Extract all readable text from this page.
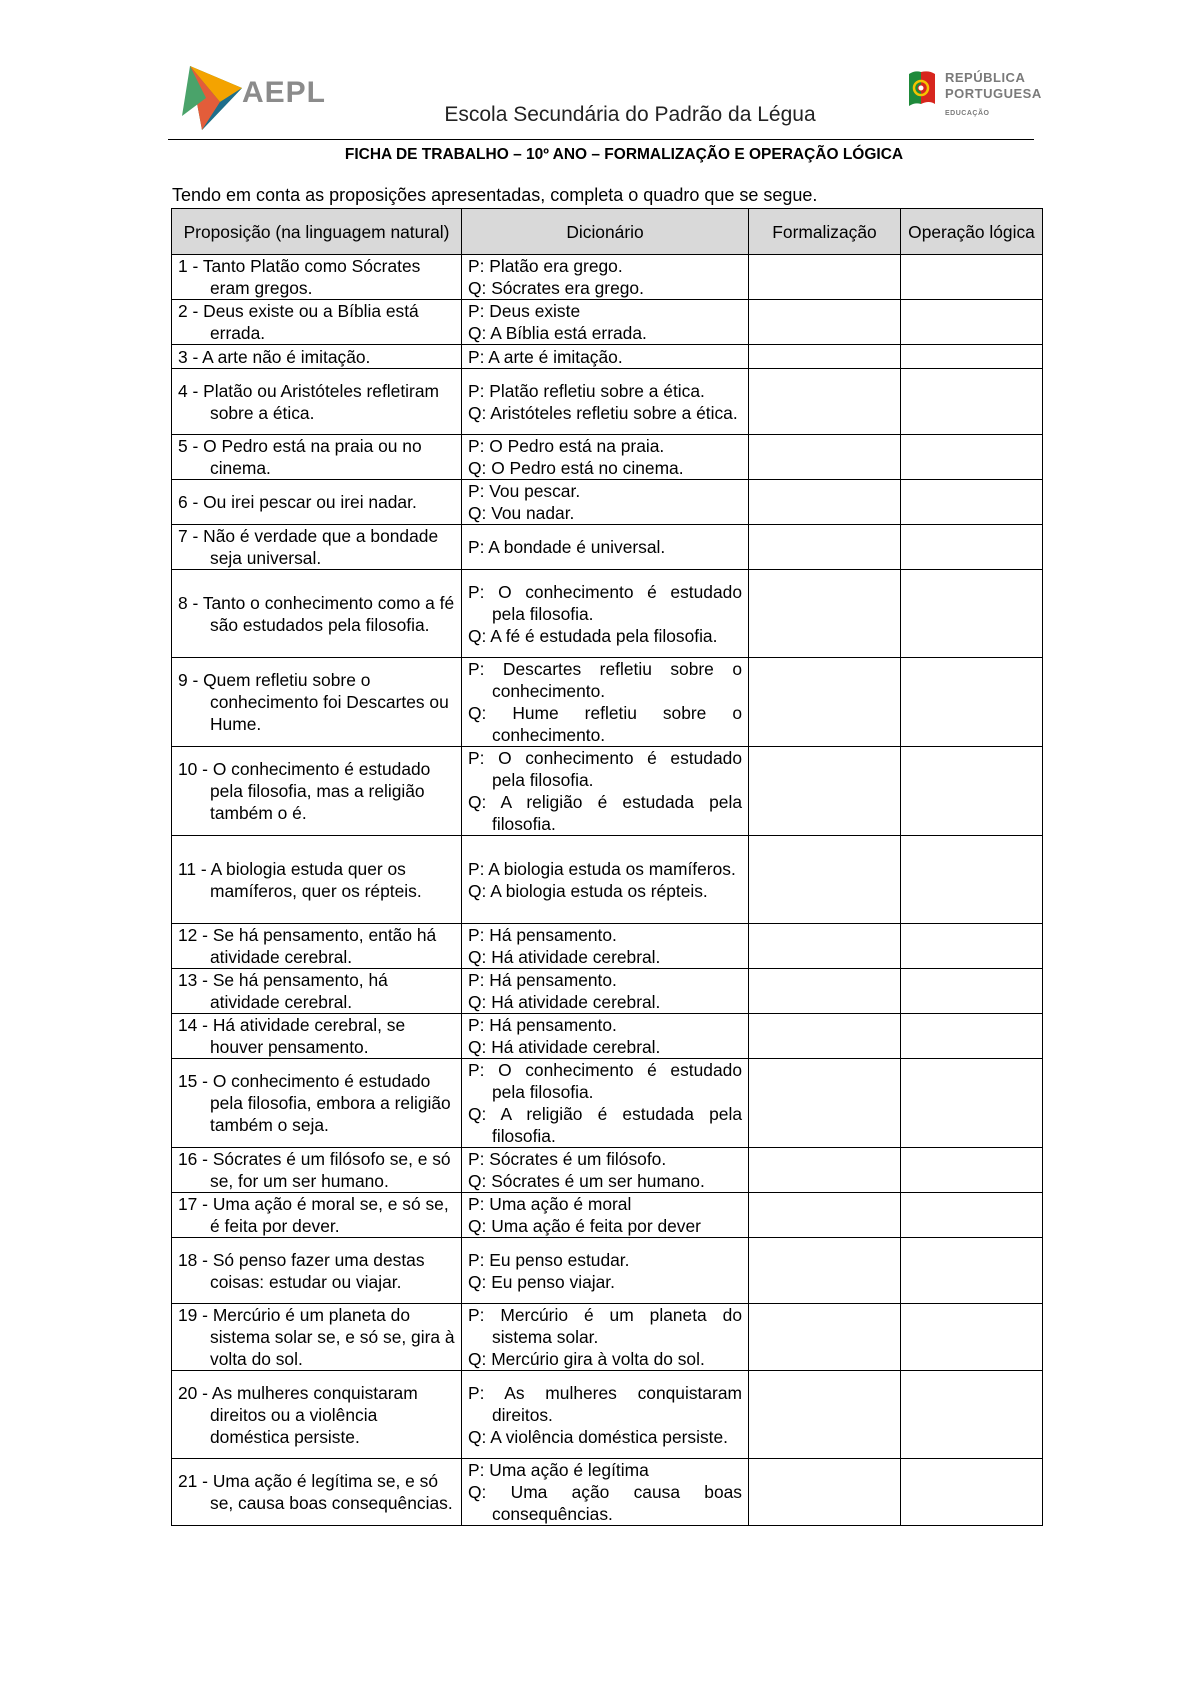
AEPL	REPÚBLICA
PORTUGUESA
EDUCAÇÃO
Escola Secundária do Padrão da Légua
FICHA DE TRABALHO – 10º ANO – FORMALIZAÇÃO E OPERAÇÃO LÓGICA
Tendo em conta as proposições apresentadas, completa o quadro que se segue.
Proposição (na linguagem natural)	Dicionário	Formalização	Operação lógica

1 - Tanto Platão como Sócrates eram gregos.	P: Platão era grego.
Q: Sócrates era grego.		

2 - Deus existe ou a Bíblia está errada.	P: Deus existe
Q: A Bíblia está errada.		

3 - A arte não é imitação.	P: A arte é imitação.		

4 - Platão ou Aristóteles refletiram sobre a ética.	P: Platão refletiu sobre a ética.
Q: Aristóteles refletiu sobre a ética.		

5 - O Pedro está na praia ou no cinema.	P: O Pedro está na praia.
Q: O Pedro está no cinema.		

6 - Ou irei pescar ou irei nadar.	P: Vou pescar.
Q: Vou nadar.		

7 - Não é verdade que a bondade seja universal.	P: A bondade é universal.		

8 - Tanto o conhecimento como a fé são estudados pela filosofia.	P: O conhecimento é estudado pela filosofia.
Q: A fé é estudada pela filosofia.		

9 - Quem refletiu sobre o conhecimento foi Descartes ou Hume.	P: Descartes refletiu sobre o conhecimento.
Q: Hume refletiu sobre o conhecimento.		

10 - O conhecimento é estudado pela filosofia, mas a religião também o é.	P: O conhecimento é estudado pela filosofia.
Q: A religião é estudada pela filosofia.		

11 - A biologia estuda quer os mamíferos, quer os répteis.	P: A biologia estuda os mamíferos.
Q: A biologia estuda os répteis.		

12 - Se há pensamento, então há atividade cerebral.	P: Há pensamento.
Q: Há atividade cerebral.		

13 - Se há pensamento, há atividade cerebral.	P: Há pensamento.
Q: Há atividade cerebral.		

14 - Há atividade cerebral, se houver pensamento.	P: Há pensamento.
Q: Há atividade cerebral.		

15 - O conhecimento é estudado pela filosofia, embora a religião também o seja.	P: O conhecimento é estudado pela filosofia.
Q: A religião é estudada pela filosofia.		

16 - Sócrates é um filósofo se, e só se, for um ser humano.	P: Sócrates é um filósofo.
Q: Sócrates é um ser humano.		

17 - Uma ação é moral se, e só se, é feita por dever.	P: Uma ação é moral
Q: Uma ação é feita por dever		

18 - Só penso fazer uma destas coisas: estudar ou viajar.	P: Eu penso estudar.
Q: Eu penso viajar.		

19 - Mercúrio é um planeta do sistema solar se, e só se, gira à volta do sol.	P: Mercúrio é um planeta do sistema solar.
Q: Mercúrio gira à volta do sol.		

20 - As mulheres conquistaram direitos ou a violência doméstica persiste.	P: As mulheres conquistaram direitos.
Q: A violência doméstica persiste.		

21 - Uma ação é legítima se, e só se, causa boas consequências.	P: Uma ação é legítima
Q: Uma ação causa boas consequências.		
